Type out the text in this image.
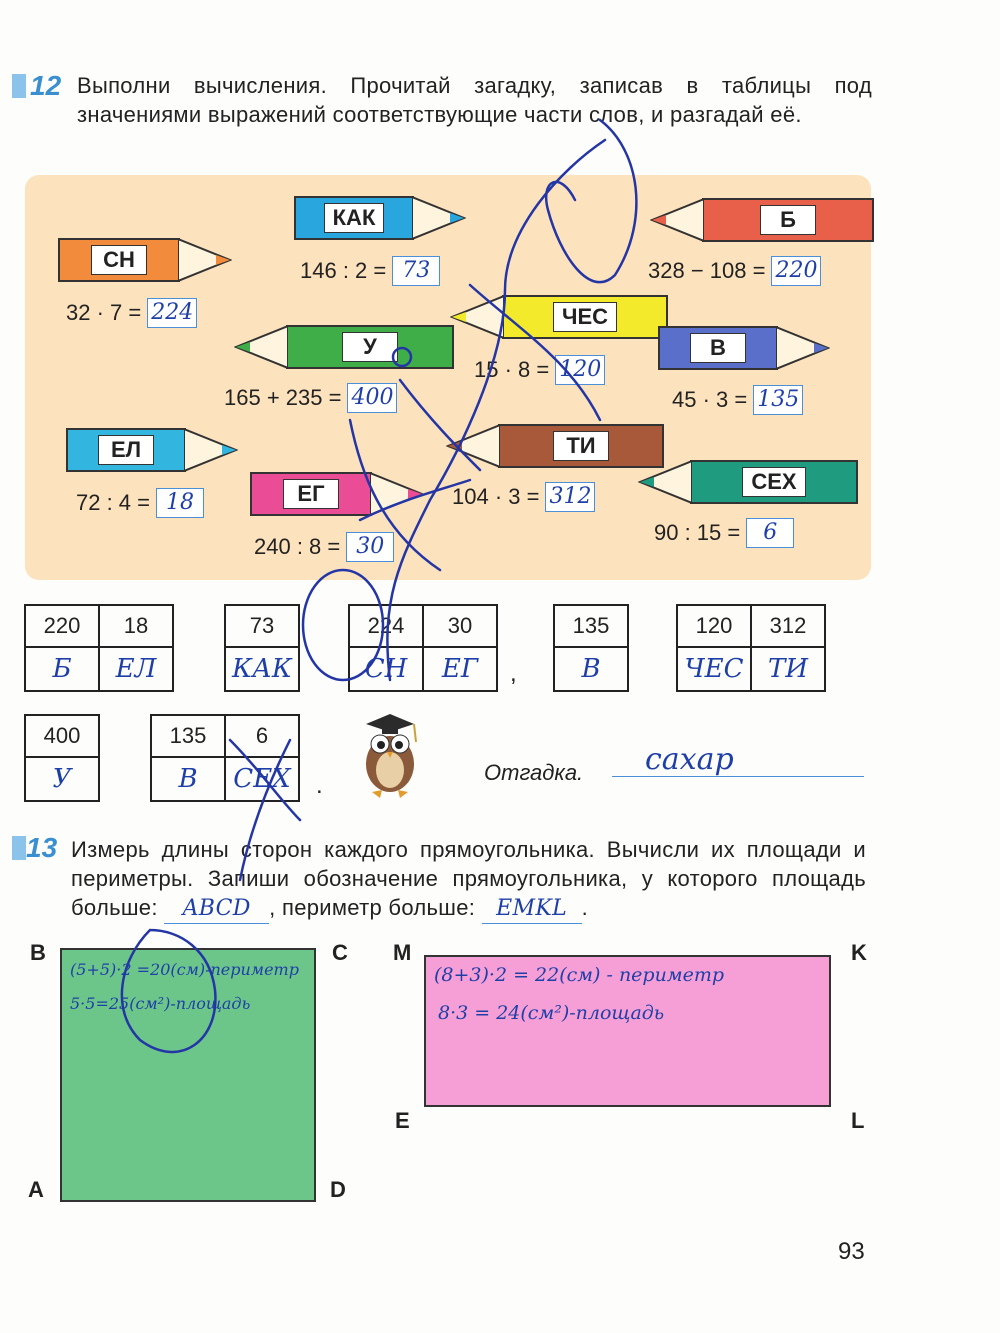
12 Выполни вычисления. Прочитай загадку, записав в таблицы под значениями выражений соответствующие части слов, и разгадай её.
СН
32 · 7 = 224
КАК
146 : 2 = 73
Б
328 − 108 = 220
ЧЕС
15 · 8 = 120
У
165 + 235 = 400
В
45 · 3 = 135
ЕЛ
72 : 4 = 18	ЕГ
240 : 8 = 30
ТИ
104 · 3 = 312
СЕХ
90 : 15 =	6
220	18
Б	ЕЛ
73
КАК
224	30
СН	ЕГ
135
В
120	312
ЧЕС	ТИ
400
У
135	6
В	СЕХ .
,
Отгадка. сахар
13 Измерь длины сторон каждого прямоугольника. Вычисли их площади и периметры. Запиши обозначение прямоугольника, у которого площадь больше: ABCD , периметр больше: EMKL .
B	C
A	D
(5+5)·2 =20(см)-периметр
5·5=25(см²)-площадь
M	K
E	L
(8+3)·2 = 22(см) - периметр
8·3 = 24(см²)-площадь
93
